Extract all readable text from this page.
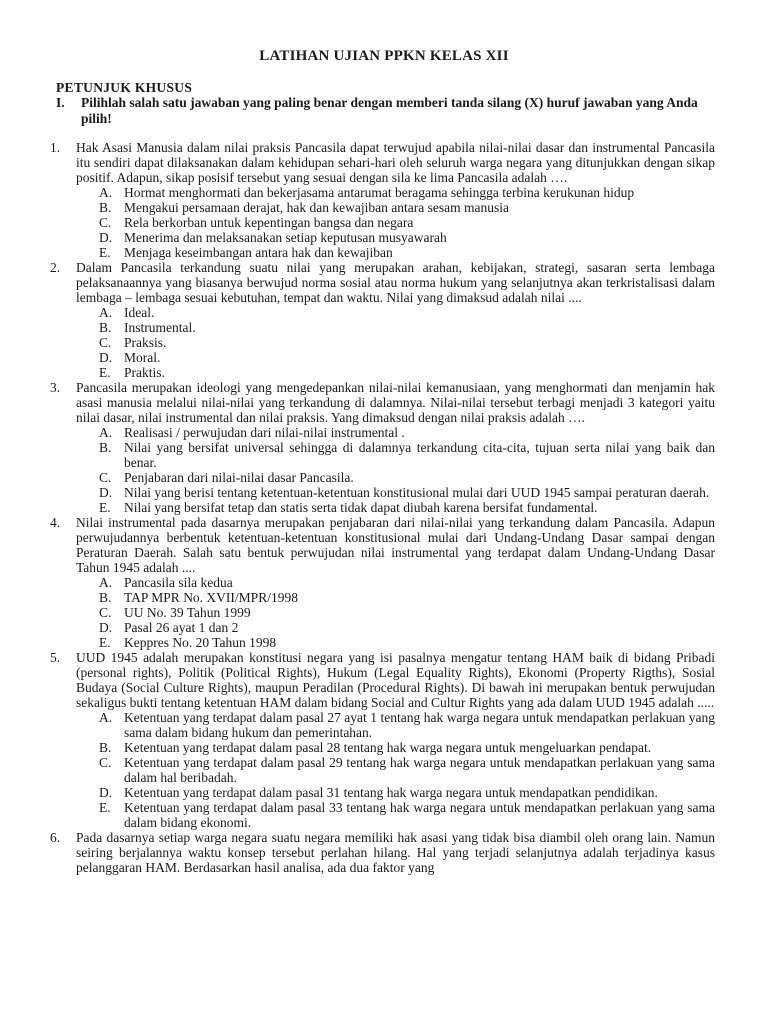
LATIHAN UJIAN PPKN KELAS XII
PETUNJUK KHUSUS
I. Pilihlah salah satu jawaban yang paling benar dengan memberi tanda silang (X) huruf jawaban yang Anda pilih!
1. Hak Asasi Manusia dalam nilai praksis Pancasila dapat terwujud apabila nilai-nilai dasar dan instrumental Pancasila itu sendiri dapat dilaksanakan dalam kehidupan sehari-hari oleh seluruh warga negara yang ditunjukkan dengan sikap positif. Adapun, sikap posisif tersebut yang sesuai dengan sila ke lima Pancasila adalah ….
A. Hormat menghormati dan bekerjasama antarumat beragama sehingga terbina kerukunan hidup
B. Mengakui persamaan derajat, hak dan kewajiban antara sesam manusia
C. Rela berkorban untuk kepentingan bangsa dan negara
D. Menerima dan melaksanakan setiap keputusan musyawarah
E. Menjaga keseimbangan antara hak dan kewajiban
2. Dalam Pancasila terkandung suatu nilai yang merupakan arahan, kebijakan, strategi, sasaran serta lembaga pelaksanaannya yang biasanya berwujud norma sosial atau norma hukum yang selanjutnya akan terkristalisasi dalam lembaga – lembaga sesuai kebutuhan, tempat dan waktu. Nilai yang dimaksud adalah nilai ....
A. Ideal.
B. Instrumental.
C. Praksis.
D. Moral.
E. Praktis.
3. Pancasila merupakan ideologi yang mengedepankan nilai-nilai kemanusiaan, yang menghormati dan menjamin hak asasi manusia melalui nilai-nilai yang terkandung di dalamnya. Nilai-nilai tersebut terbagi menjadi 3 kategori yaitu nilai dasar, nilai instrumental dan nilai praksis. Yang dimaksud dengan nilai praksis adalah ….
A. Realisasi / perwujudan dari nilai-nilai instrumental .
B. Nilai yang bersifat universal sehingga di dalamnya terkandung cita-cita, tujuan serta nilai yang baik dan benar.
C. Penjabaran dari nilai-nilai dasar Pancasila.
D. Nilai yang berisi tentang ketentuan-ketentuan konstitusional mulai dari UUD 1945 sampai peraturan daerah.
E. Nilai yang bersifat tetap dan statis serta tidak dapat diubah karena bersifat fundamental.
4. Nilai instrumental pada dasarnya merupakan penjabaran dari nilai-nilai yang terkandung dalam Pancasila. Adapun perwujudannya berbentuk ketentuan-ketentuan konstitusional mulai dari Undang-Undang Dasar sampai dengan Peraturan Daerah. Salah satu bentuk perwujudan nilai instrumental yang terdapat dalam Undang-Undang Dasar Tahun 1945 adalah ....
A. Pancasila sila kedua
B. TAP MPR No. XVII/MPR/1998
C. UU No. 39 Tahun 1999
D. Pasal 26 ayat 1 dan 2
E. Keppres No. 20 Tahun 1998
5. UUD 1945 adalah merupakan konstitusi negara yang isi pasalnya mengatur tentang HAM baik di bidang Pribadi (personal rights), Politik (Political Rights), Hukum (Legal Equality Rights), Ekonomi (Property Rigths), Sosial Budaya (Social Culture Rights), maupun Peradilan (Procedural Rights). Di bawah ini merupakan bentuk perwujudan sekaligus bukti tentang ketentuan HAM dalam bidang Social and Cultur Rights yang ada dalam UUD 1945 adalah .....
A. Ketentuan yang terdapat dalam pasal 27 ayat 1 tentang hak warga negara untuk mendapatkan perlakuan yang sama dalam bidang hukum dan pemerintahan.
B. Ketentuan yang terdapat dalam pasal 28 tentang hak warga negara untuk mengeluarkan pendapat.
C. Ketentuan yang terdapat dalam pasal 29 tentang hak warga negara untuk mendapatkan perlakuan yang sama dalam hal beribadah.
D. Ketentuan yang terdapat dalam pasal 31 tentang hak warga negara untuk mendapatkan pendidikan.
E. Ketentuan yang terdapat dalam pasal 33 tentang hak warga negara untuk mendapatkan perlakuan yang sama dalam bidang ekonomi.
6. Pada dasarnya setiap warga negara suatu negara memiliki hak asasi yang tidak bisa diambil oleh orang lain. Namun seiring berjalannya waktu konsep tersebut perlahan hilang. Hal yang terjadi selanjutnya adalah terjadinya kasus pelanggaran HAM. Berdasarkan hasil analisa, ada dua faktor yang
